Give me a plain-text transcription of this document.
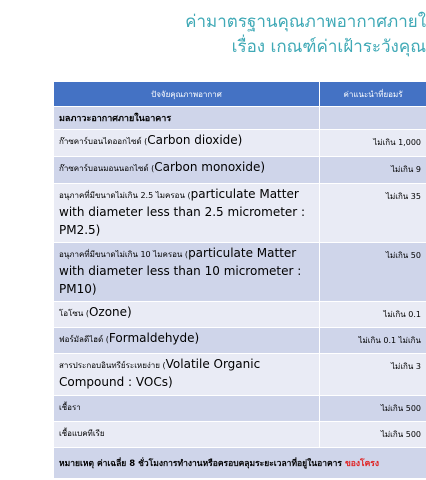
ค่ามาตรฐานคุณภาพอากาศภายใ
เรื่อง เกณฑ์ค่าเฝ้าระวังคุณ
ปัจจัยคุณภาพอากาศ	ค่าแนะนำที่ยอมรั
มลภาวะอากาศภายในอาคาร	
ก๊าซคาร์บอนไดออกไซด์ (Carbon dioxide)	ไม่เกิน 1,000
ก๊าซคาร์บอนมอนนอกไซด์ (Carbon monoxide)	ไม่เกิน 9
อนุภาคที่มีขนาดไม่เกิน 2.5 ไมครอน (particulate Matter with diameter less than 2.5 micrometer : PM2.5)	ไม่เกิน 35
อนุภาคที่มีขนาดไม่เกิน 10 ไมครอน (particulate Matter with diameter less than 10 micrometer : PM10)	ไม่เกิน 50
โอโซน (Ozone)	ไม่เกิน 0.1
ฟอร์มัลดีไฮด์ (Formaldehyde)	ไม่เกิน 0.1 ไม่เกิน
สารประกอบอินทรีย์ระเหยง่าย (Volatile Organic Compound : VOCs)	ไม่เกิน 3
เชื้อรา	ไม่เกิน 500
เชื้อแบคทีเรีย	ไม่เกิน 500
หมายเหตุ ค่าเฉลี่ย 8 ชั่วโมงการทำงานหรือครอบคลุมระยะเวลาที่อยู่ในอาคาร ของโครง	
